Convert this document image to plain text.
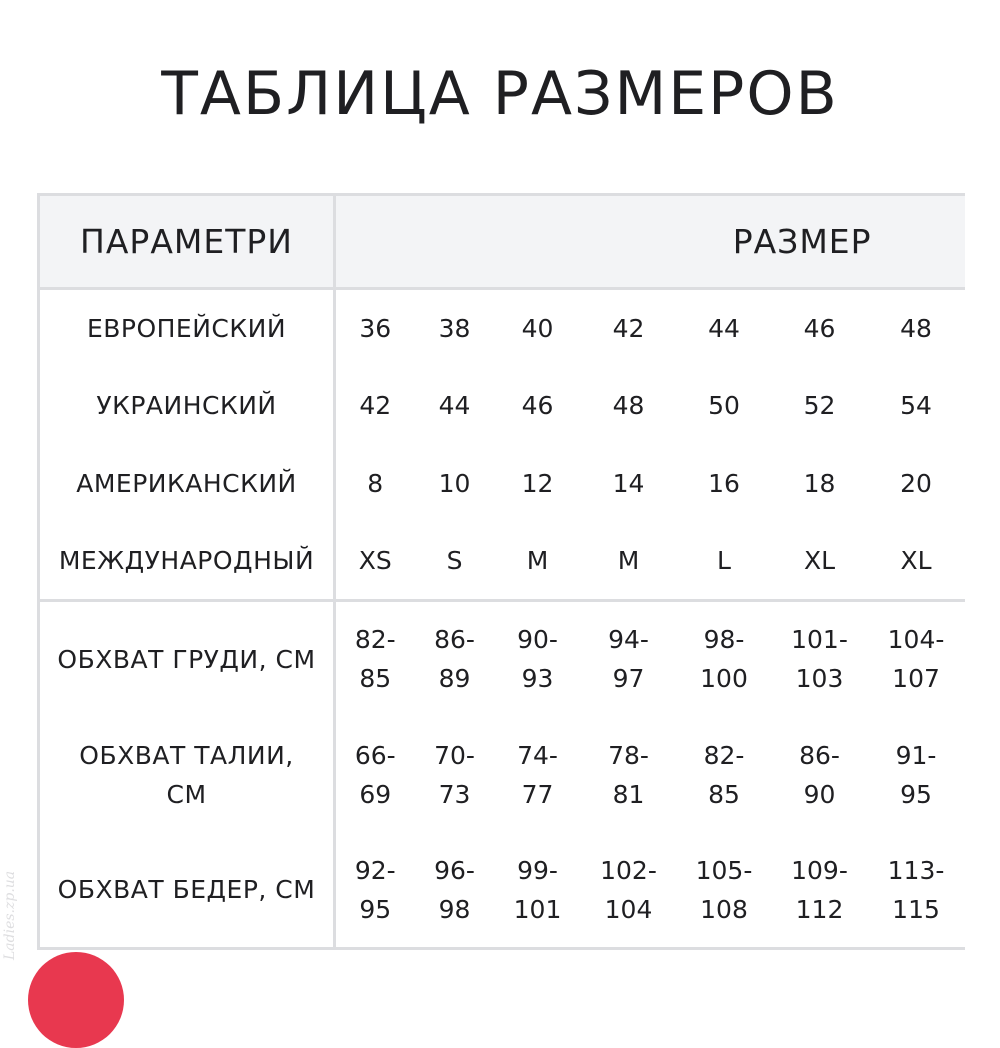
ТАБЛИЦА РАЗМЕРОВ
ПАРАМЕТРИ	РАЗМЕР						
ЕВРОПЕЙСКИЙ	36	38	40	42	44	46	48
УКРАИНСКИЙ	42	44	46	48	50	52	54
АМЕРИКАНСКИЙ	8	10	12	14	16	18	20
МЕЖДУНАРОДНЫЙ	XS	S	M	M	L	XL	XL
ОБХВАТ ГРУДИ, СМ	82-85	86-89	90-93	94-97	98-100	101-103	104-107
ОБХВАТ ТАЛИИ, СМ	66-69	70-73	74-77	78-81	82-85	86-90	91-95
ОБХВАТ БЕДЕР, СМ	92-95	96-98	99-101	102-104	105-108	109-112	113-115
Ladies.zp.ua
